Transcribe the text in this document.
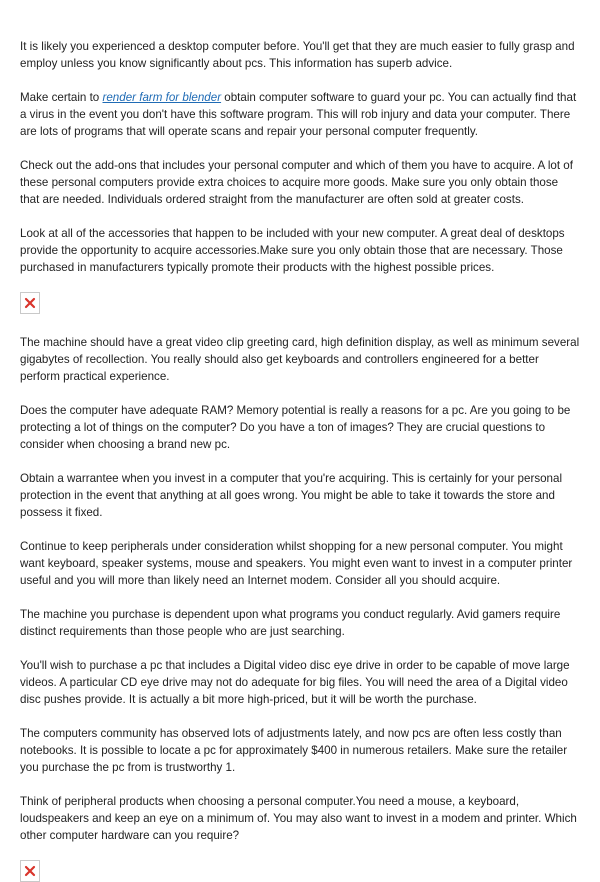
It is likely you experienced a desktop computer before. You'll get that they are much easier to fully grasp and employ unless you know significantly about pcs. This information has superb advice.

Make certain to render farm for blender obtain computer software to guard your pc. You can actually find that a virus in the event you don't have this software program. This will rob injury and data your computer. There are lots of programs that will operate scans and repair your personal computer frequently.

Check out the add-ons that includes your personal computer and which of them you have to acquire. A lot of these personal computers provide extra choices to acquire more goods. Make sure you only obtain those that are needed. Individuals ordered straight from the manufacturer are often sold at greater costs.

Look at all of the accessories that happen to be included with your new computer. A great deal of desktops provide the opportunity to acquire accessories.Make sure you only obtain those that are necessary. Those purchased in manufacturers typically promote their products with the highest possible prices.

The machine should have a great video clip greeting card, high definition display, as well as minimum several gigabytes of recollection. You really should also get keyboards and controllers engineered for a better perform practical experience.

Does the computer have adequate RAM? Memory potential is really a reasons for a pc. Are you going to be protecting a lot of things on the computer? Do you have a ton of images? They are crucial questions to consider when choosing a brand new pc.

Obtain a warrantee when you invest in a computer that you're acquiring. This is certainly for your personal protection in the event that anything at all goes wrong. You might be able to take it towards the store and possess it fixed.

Continue to keep peripherals under consideration whilst shopping for a new personal computer. You might want keyboard, speaker systems, mouse and speakers. You might even want to invest in a computer printer useful and you will more than likely need an Internet modem. Consider all you should acquire.

The machine you purchase is dependent upon what programs you conduct regularly. Avid gamers require distinct requirements than those people who are just searching.

You'll wish to purchase a pc that includes a Digital video disc eye drive in order to be capable of move large videos. A particular CD eye drive may not do adequate for big files. You will need the area of a Digital video disc pushes provide. It is actually a bit more high-priced, but it will be worth the purchase.

The computers community has observed lots of adjustments lately, and now pcs are often less costly than notebooks. It is possible to locate a pc for approximately $400 in numerous retailers. Make sure the retailer you purchase the pc from is trustworthy 1.

Think of peripheral products when choosing a personal computer.You need a mouse, a keyboard, loudspeakers and keep an eye on a minimum of. You may also want to invest in a modem and printer. Which other computer hardware can you require?
